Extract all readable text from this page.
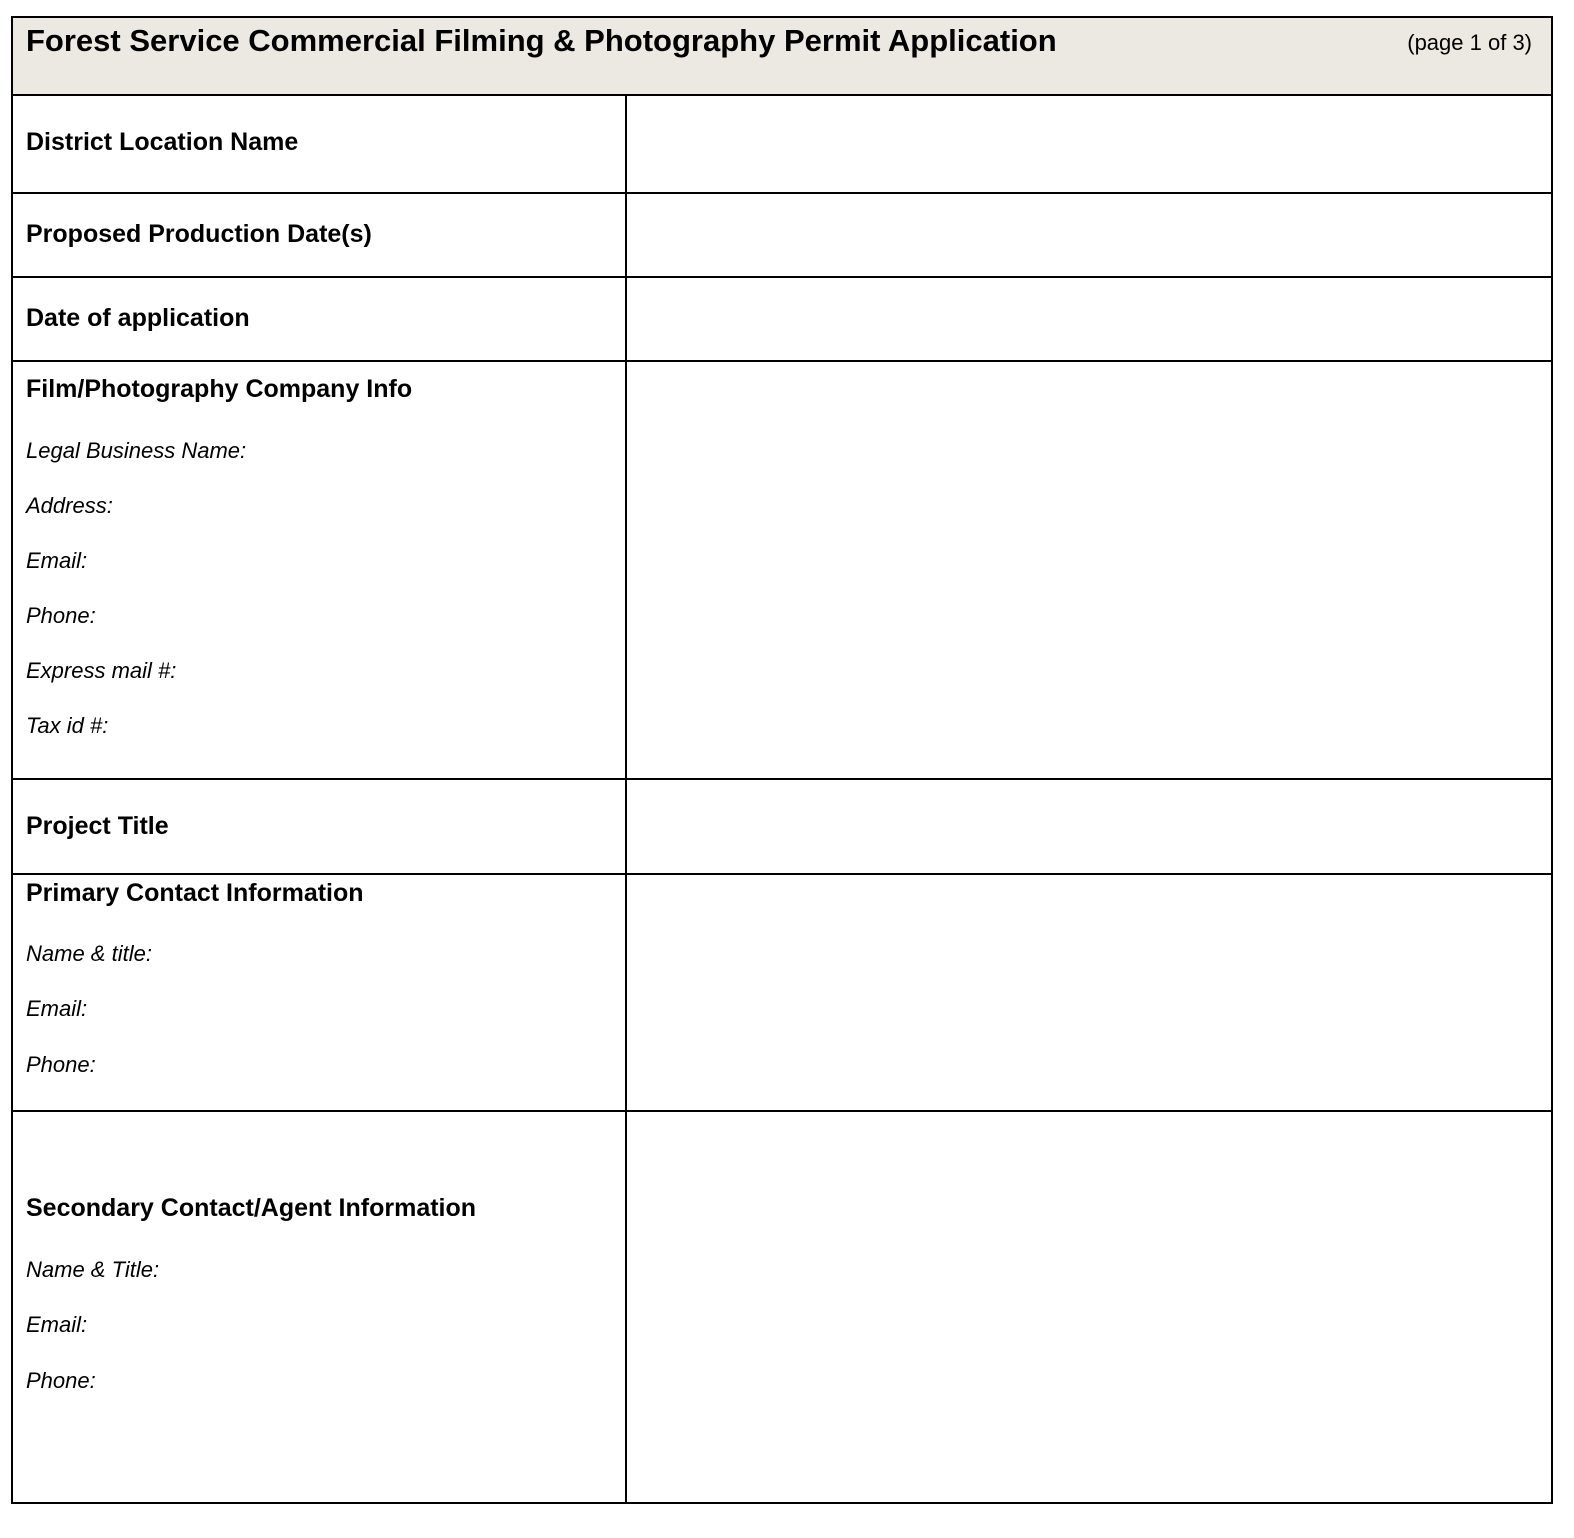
Forest Service Commercial Filming & Photography Permit Application	(page 1 of 3)
District Location Name
Proposed Production Date(s)
Date of application
Film/Photography Company Info
Legal Business Name:
Address:
Email:
Phone:
Express mail #:
Tax id #:
Project Title
Primary Contact Information
Name & title:
Email:
Phone:
Secondary Contact/Agent Information
Name & Title:
Email:
Phone:
